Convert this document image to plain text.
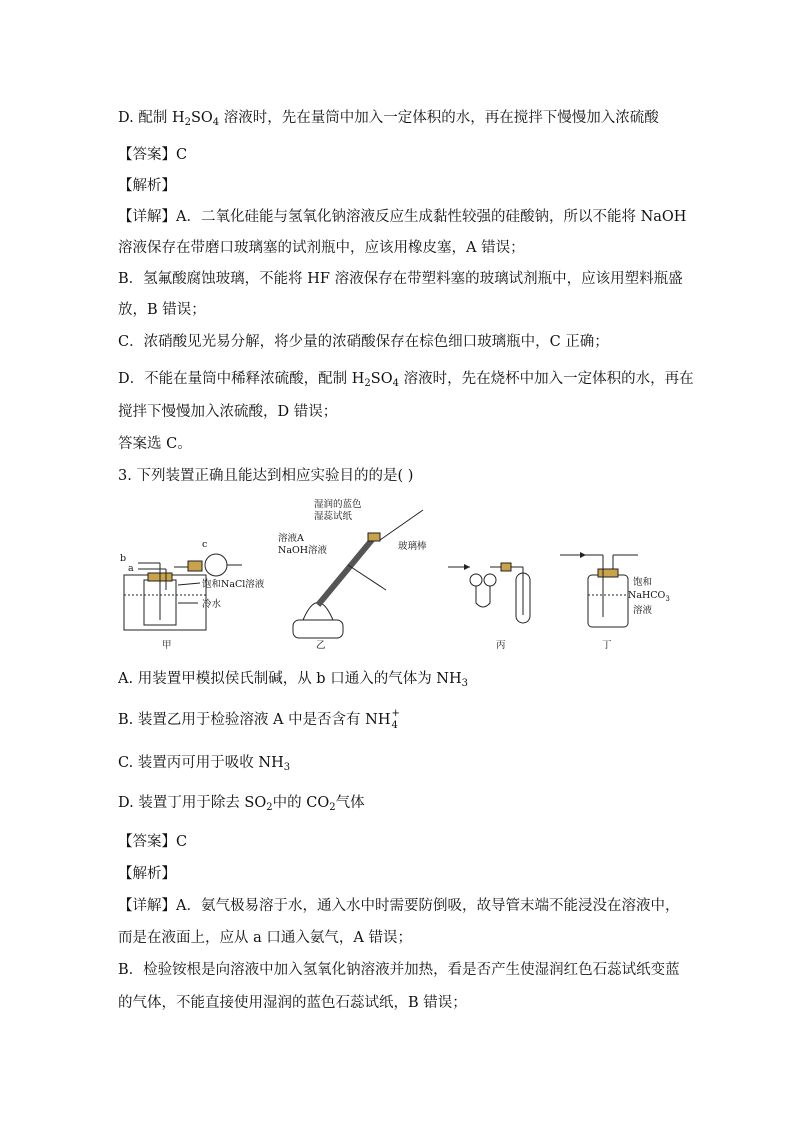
D. 配制 $H_2SO_4$ 溶液时，先在量筒中加入一定体积的水，再在搅拌下慢慢加入浓硫酸
【答案】C
【解析】
【详解】A．二氧化硅能与氢氧化钠溶液反应生成黏性较强的硅酸钠，所以不能将 NaOH
溶液保存在带磨口玻璃塞的试剂瓶中，应该用橡皮塞，A 错误；
B．氢氟酸腐蚀玻璃，不能将 HF 溶液保存在带塑料塞的玻璃试剂瓶中，应该用塑料瓶盛
放，B 错误；
C．浓硝酸见光易分解，将少量的浓硝酸保存在棕色细口玻璃瓶中，C 正确；
D．不能在量筒中稀释浓硫酸，配制 $H_2SO_4$ 溶液时，先在烧杯中加入一定体积的水，再在
搅拌下慢慢加入浓硫酸，D 错误；
答案选 C。
3. 下列装置正确且能达到相应实验目的的是( )
b
a
c
饱和NaCl溶液
冷水
甲
湿润的蓝色
湿蕊试纸
溶液A
NaOH溶液	玻璃棒
乙	丙
饱和
NaHCO$_3$
溶液
丁
A. 用装置甲模拟侯氏制碱，从 b 口通入的气体为 $NH_3$
B. 装置乙用于检验溶液 A 中是否含有 NH +
4
C. 装置丙可用于吸收 $NH_3$
D. 装置丁用于除去 $SO_2$中的 $CO_2$气体
【答案】C
【解析】
【详解】A．氨气极易溶于水，通入水中时需要防倒吸，故导管末端不能浸没在溶液中，
而是在液面上，应从 a 口通入氨气，A 错误；
B．检验铵根是向溶液中加入氢氧化钠溶液并加热，看是否产生使湿润红色石蕊试纸变蓝
的气体，不能直接使用湿润的蓝色石蕊试纸，B 错误；
